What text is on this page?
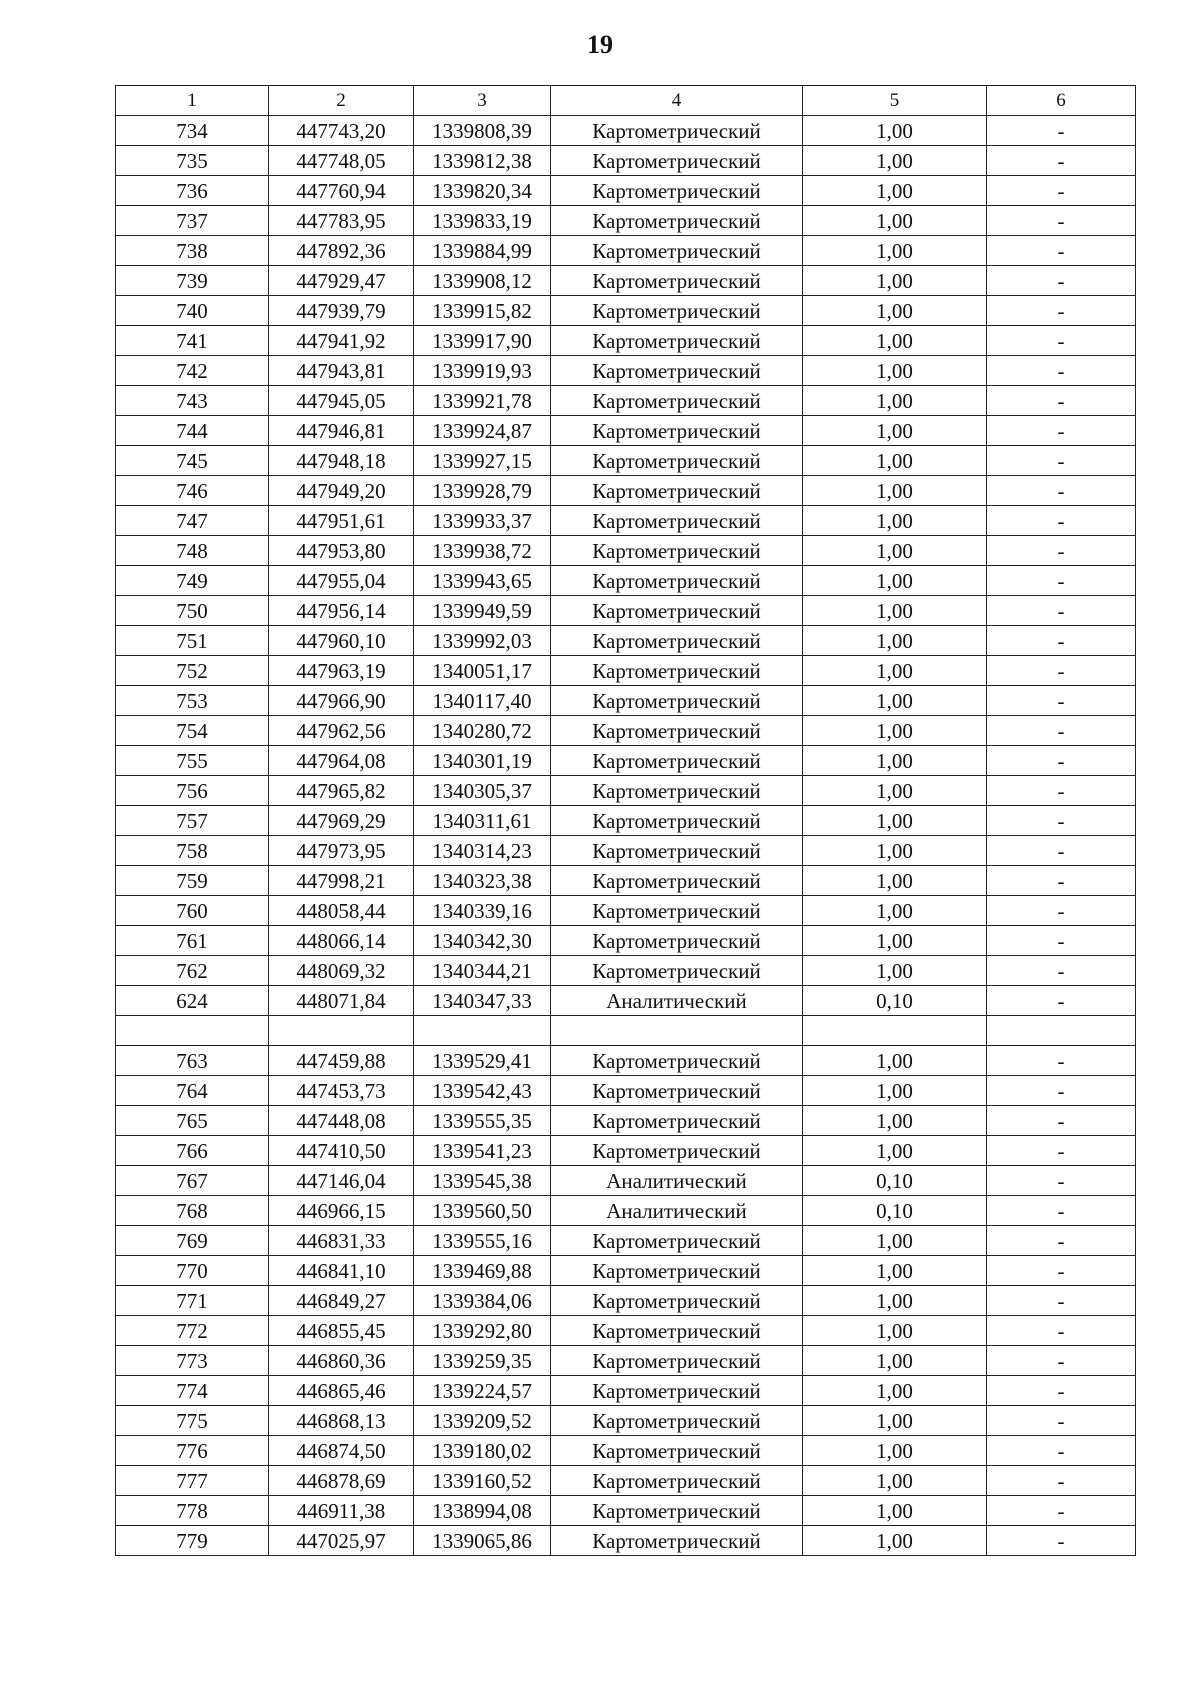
19
1	2	3	4	5	6
734	447743,20	1339808,39	Картометрический	1,00	-
735	447748,05	1339812,38	Картометрический	1,00	-
736	447760,94	1339820,34	Картометрический	1,00	-
737	447783,95	1339833,19	Картометрический	1,00	-
738	447892,36	1339884,99	Картометрический	1,00	-
739	447929,47	1339908,12	Картометрический	1,00	-
740	447939,79	1339915,82	Картометрический	1,00	-
741	447941,92	1339917,90	Картометрический	1,00	-
742	447943,81	1339919,93	Картометрический	1,00	-
743	447945,05	1339921,78	Картометрический	1,00	-
744	447946,81	1339924,87	Картометрический	1,00	-
745	447948,18	1339927,15	Картометрический	1,00	-
746	447949,20	1339928,79	Картометрический	1,00	-
747	447951,61	1339933,37	Картометрический	1,00	-
748	447953,80	1339938,72	Картометрический	1,00	-
749	447955,04	1339943,65	Картометрический	1,00	-
750	447956,14	1339949,59	Картометрический	1,00	-
751	447960,10	1339992,03	Картометрический	1,00	-
752	447963,19	1340051,17	Картометрический	1,00	-
753	447966,90	1340117,40	Картометрический	1,00	-
754	447962,56	1340280,72	Картометрический	1,00	-
755	447964,08	1340301,19	Картометрический	1,00	-
756	447965,82	1340305,37	Картометрический	1,00	-
757	447969,29	1340311,61	Картометрический	1,00	-
758	447973,95	1340314,23	Картометрический	1,00	-
759	447998,21	1340323,38	Картометрический	1,00	-
760	448058,44	1340339,16	Картометрический	1,00	-
761	448066,14	1340342,30	Картометрический	1,00	-
762	448069,32	1340344,21	Картометрический	1,00	-
624	448071,84	1340347,33	Аналитический	0,10	-

763	447459,88	1339529,41	Картометрический	1,00	-
764	447453,73	1339542,43	Картометрический	1,00	-
765	447448,08	1339555,35	Картометрический	1,00	-
766	447410,50	1339541,23	Картометрический	1,00	-
767	447146,04	1339545,38	Аналитический	0,10	-
768	446966,15	1339560,50	Аналитический	0,10	-
769	446831,33	1339555,16	Картометрический	1,00	-
770	446841,10	1339469,88	Картометрический	1,00	-
771	446849,27	1339384,06	Картометрический	1,00	-
772	446855,45	1339292,80	Картометрический	1,00	-
773	446860,36	1339259,35	Картометрический	1,00	-
774	446865,46	1339224,57	Картометрический	1,00	-
775	446868,13	1339209,52	Картометрический	1,00	-
776	446874,50	1339180,02	Картометрический	1,00	-
777	446878,69	1339160,52	Картометрический	1,00	-
778	446911,38	1338994,08	Картометрический	1,00	-
779	447025,97	1339065,86	Картометрический	1,00	-
